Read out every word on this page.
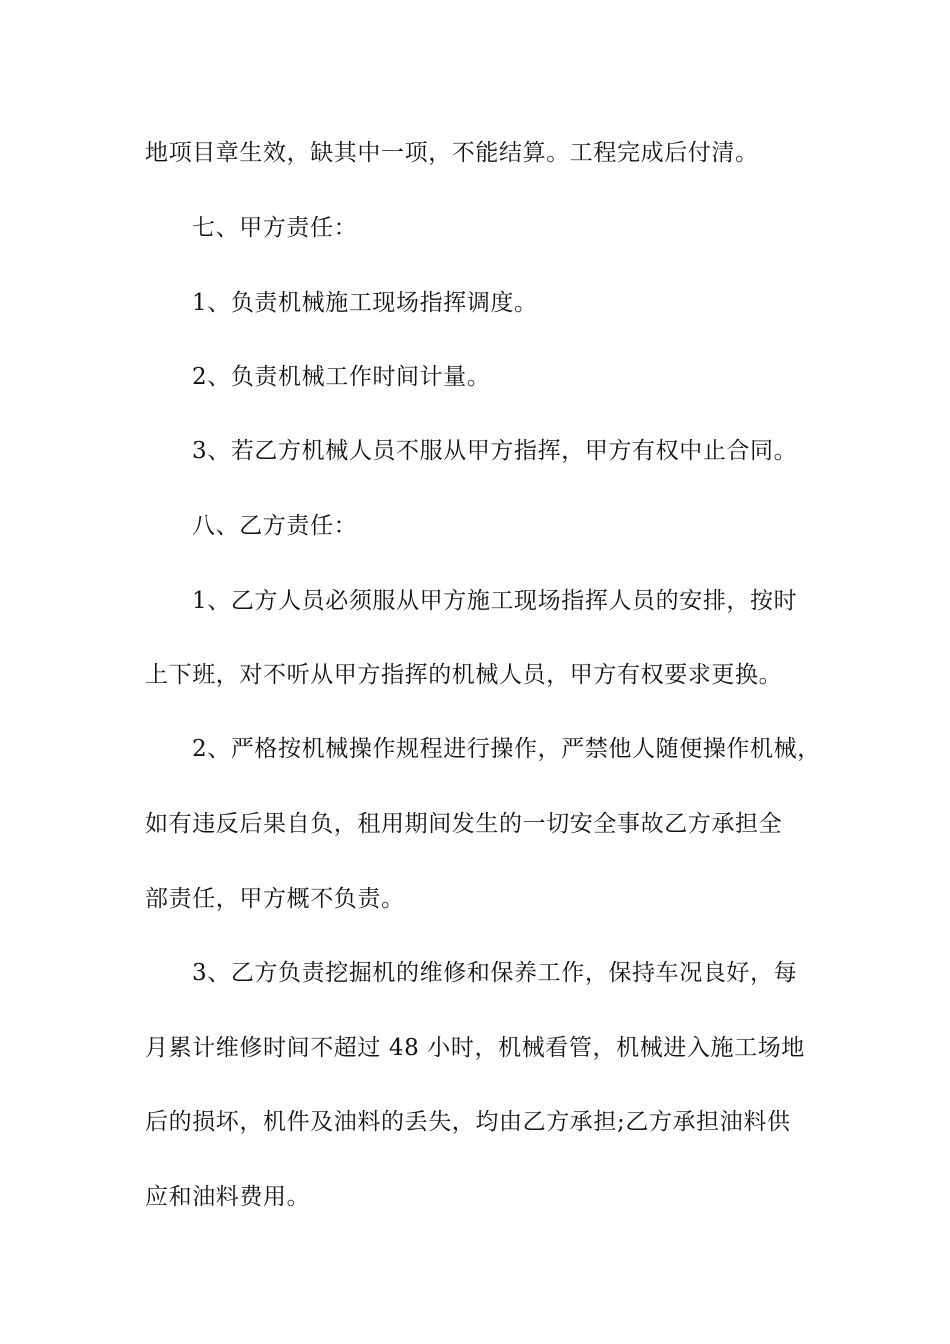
地项目章生效，缺其中一项，不能结算。工程完成后付清。
七、甲方责任：
1、负责机械施工现场指挥调度。
2、负责机械工作时间计量。
3、若乙方机械人员不服从甲方指挥，甲方有权中止合同。
八、乙方责任：
1、乙方人员必须服从甲方施工现场指挥人员的安排，按时
上下班，对不听从甲方指挥的机械人员，甲方有权要求更换。
2、严格按机械操作规程进行操作，严禁他人随便操作机械，
如有违反后果自负，租用期间发生的一切安全事故乙方承担全
部责任，甲方概不负责。
3、乙方负责挖掘机的维修和保养工作，保持车况良好，每
月累计维修时间不超过 48 小时，机械看管，机械进入施工场地
后的损坏，机件及油料的丢失，均由乙方承担;乙方承担油料供
应和油料费用。
